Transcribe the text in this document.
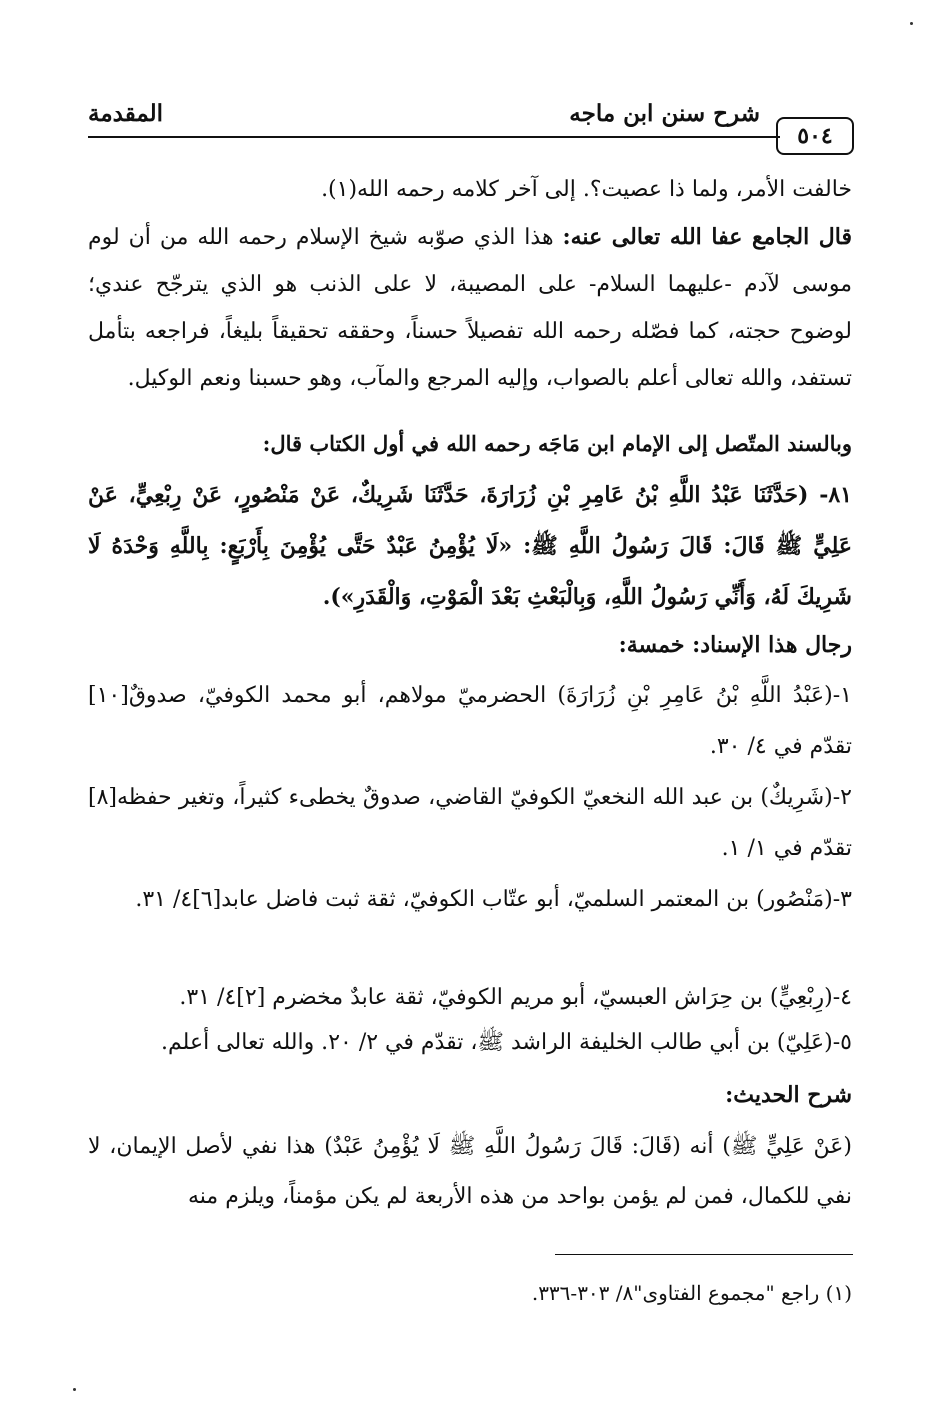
٥٠٤
شرح سنن ابن ماجه
المقدمة

خالفت الأمر، ولما ذا عصيت؟. إلى آخر كلامه رحمه الله(١).

قال الجامع عفا الله تعالى عنه: هذا الذي صوّبه شيخ الإسلام رحمه الله من أن لوم موسى لآدم -عليهما السلام- على المصيبة، لا على الذنب هو الذي يترجّح عندي؛ لوضوح حجته، كما فصّله رحمه الله تفصيلاً حسناً، وحققه تحقيقاً بليغاً، فراجعه بتأمل تستفد، والله تعالى أعلم بالصواب، وإليه المرجع والمآب، وهو حسبنا ونعم الوكيل.

وبالسند المتّصل إلى الإمام ابن مَاجَه رحمه الله في أول الكتاب قال:

٨١- (حَدَّثَنَا عَبْدُ اللَّهِ بْنُ عَامِرِ بْنِ زُرَارَةَ، حَدَّثَنَا شَرِيكٌ، عَنْ مَنْصُورٍ، عَنْ رِبْعِيٍّ، عَنْ عَلِيٍّ ﷺ قَالَ: قَالَ رَسُولُ اللَّهِ ﷺ: «لَا يُؤْمِنُ عَبْدٌ حَتَّى يُؤْمِنَ بِأَرْبَعٍ: بِاللَّهِ وَحْدَهُ لَا شَرِيكَ لَهُ، وَأَنِّي رَسُولُ اللَّهِ، وَبِالْبَعْثِ بَعْدَ الْمَوْتِ، وَالْقَدَرِ»).

رجال هذا الإسناد: خمسة:

١-(عَبْدُ اللَّهِ بْنُ عَامِرِ بْنِ زُرَارَةَ) الحضرميّ مولاهم، أبو محمد الكوفيّ، صدوقٌ[١٠] تقدّم في ٤/ ٣٠.

٢-(شَرِيكٌ) بن عبد الله النخعيّ الكوفيّ القاضي، صدوقٌ يخطىء كثيراً، وتغير حفظه[٨] تقدّم في ١/ ١.

٣-(مَنْصُور) بن المعتمر السلميّ، أبو عتّاب الكوفيّ، ثقة ثبت فاضل عابد[٦]٤/ ٣١.

٤-(رِبْعِيٍّ) بن حِرَاش العبسيّ، أبو مريم الكوفيّ، ثقة عابدٌ مخضرم [٢]٤/ ٣١.

٥-(عَلِيّ) بن أبي طالب الخليفة الراشد ﷺ، تقدّم في ٢/ ٢٠. والله تعالى أعلم.

شرح الحديث:

(عَنْ عَلِيٍّ ﷺ) أنه (قَالَ: قَالَ رَسُولُ اللَّهِ ﷺ لَا يُؤْمِنُ عَبْدٌ) هذا نفي لأصل الإيمان، لا نفي للكمال، فمن لم يؤمن بواحد من هذه الأربعة لم يكن مؤمناً، ويلزم منه

(١) راجع "مجموع الفتاوى"٨/ ٣٠٣-٣٣٦.
